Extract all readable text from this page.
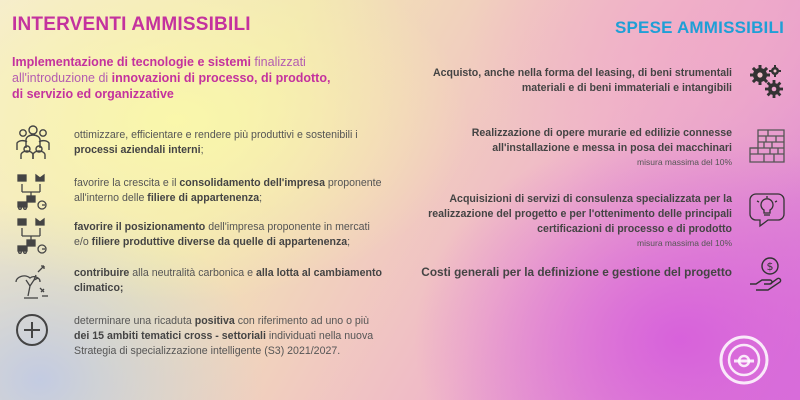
INTERVENTI AMMISSIBILI
Implementazione di tecnologie e sistemi finalizzati all'introduzione di innovazioni di processo, di prodotto, di servizio ed organizzative
ottimizzare, efficientare e rendere più produttivi e sostenibili i processi aziendali interni;
favorire la crescita e il consolidamento dell'impresa proponente all'interno delle filiere di appartenenza;
favorire il posizionamento dell'impresa proponente in mercati e/o filiere produttive diverse da quelle di appartenenza;
contribuire alla neutralità carbonica e alla lotta al cambiamento climatico;
determinare una ricaduta positiva con riferimento ad uno o più dei 15 ambiti tematici cross - settoriali individuati nella nuova Strategia di specializzazione intelligente (S3) 2021/2027.
SPESE AMMISSIBILI
Acquisto, anche nella forma del leasing, di beni strumentali materiali e di beni immateriali e intangibili
Realizzazione di opere murarie ed edilizie connesse all'installazione e messa in posa dei macchinari
misura massima del 10%
Acquisizioni di servizi di consulenza specializzata per la realizzazione del progetto e per l'ottenimento delle principali certificazioni di processo e di prodotto
misura massima del 10%
Costi generali per la definizione e gestione del progetto	$
